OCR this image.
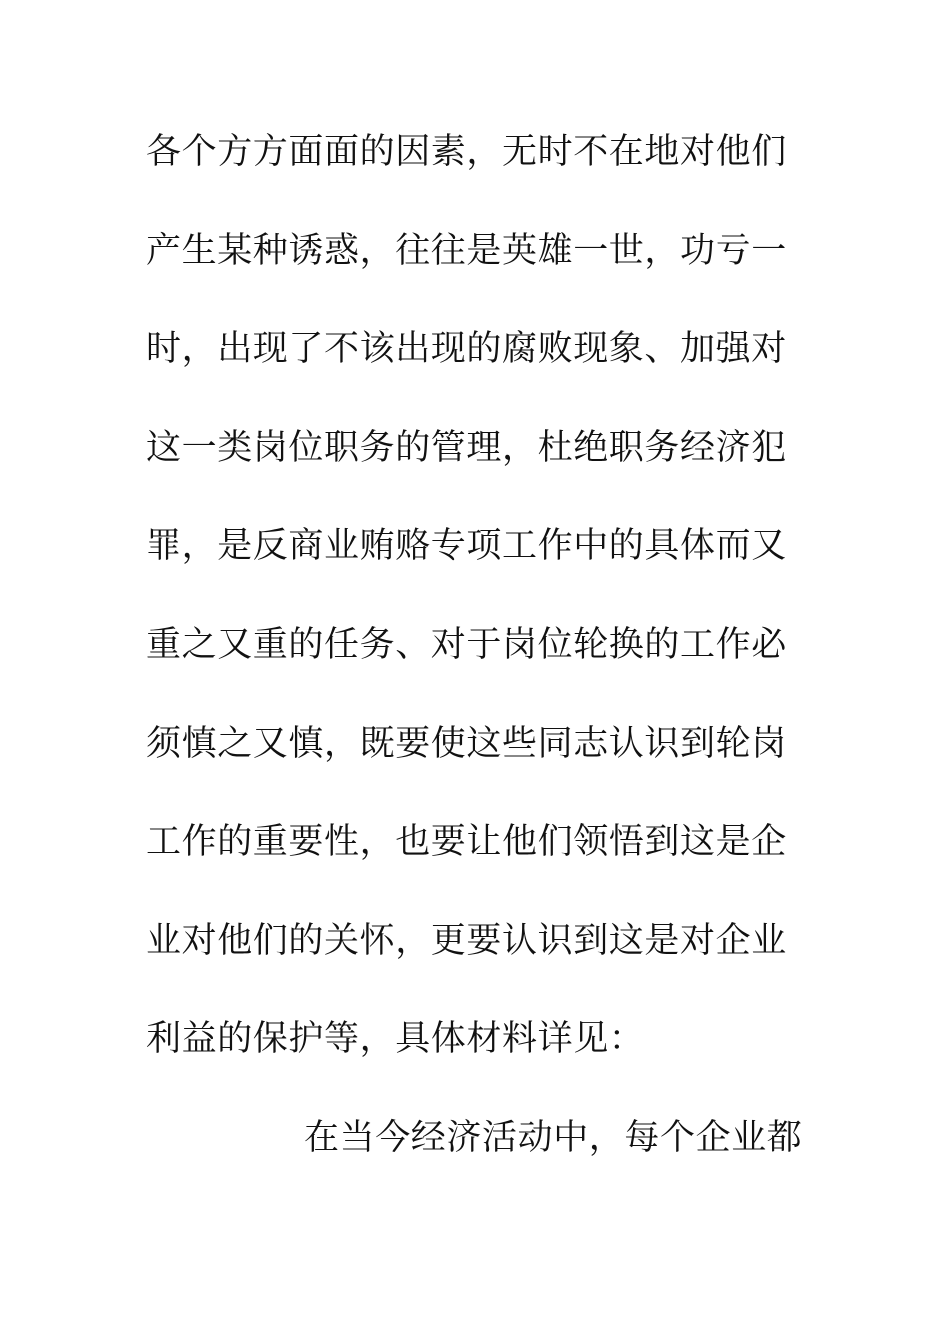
各个方方面面的因素，无时不在地对他们
产生某种诱惑，往往是英雄一世，功亏一
时，出现了不该出现的腐败现象、加强对
这一类岗位职务的管理，杜绝职务经济犯
罪，是反商业贿赂专项工作中的具体而又
重之又重的任务、对于岗位轮换的工作必
须慎之又慎，既要使这些同志认识到轮岗
工作的重要性，也要让他们领悟到这是企
业对他们的关怀，更要认识到这是对企业
利益的保护等，具体材料详见：
在当今经济活动中，每个企业都
